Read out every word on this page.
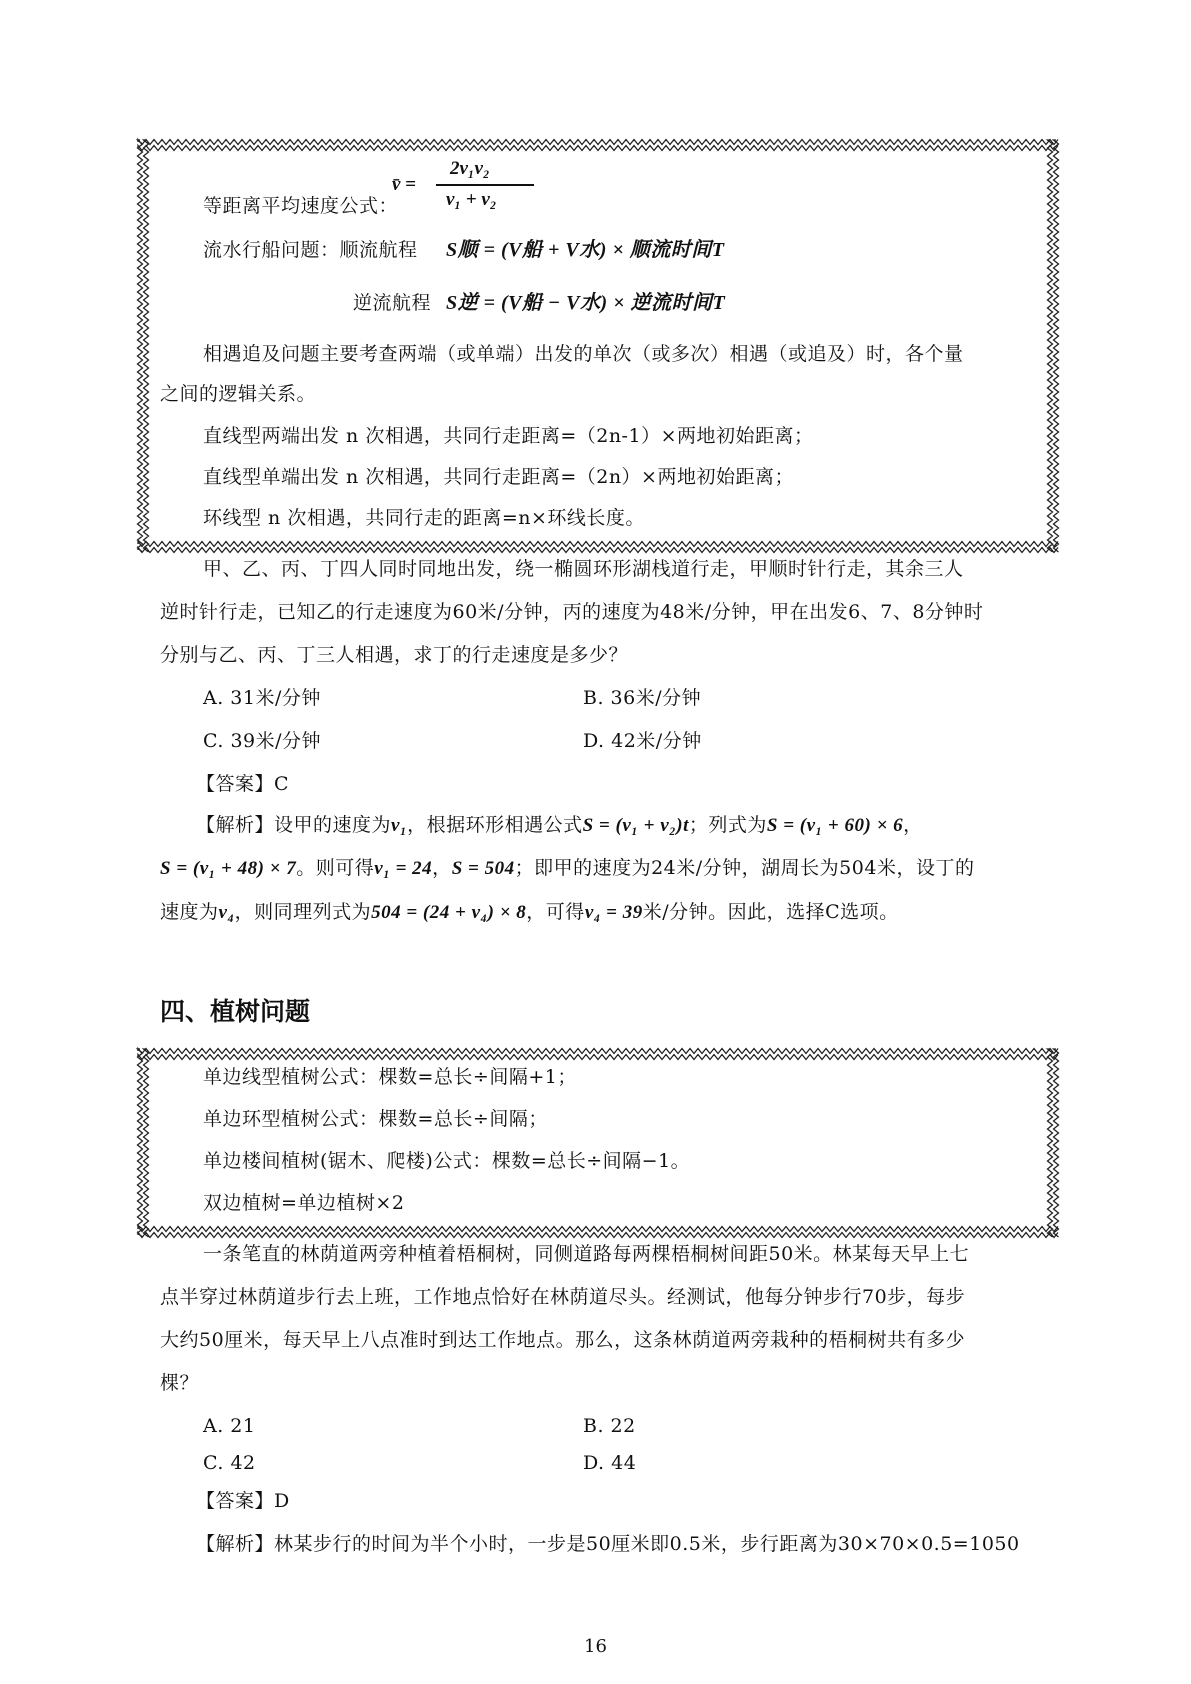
等距离平均速度公式：
v̄ =
2v₁v₂
v₁ + v₂
流水行船问题：顺流航程 S顺 = (V船 + V水) × 顺流时间T
逆流航程 S逆 = (V船 − V水) × 逆流时间T
相遇追及问题主要考查两端（或单端）出发的单次（或多次）相遇（或追及）时，各个量
之间的逻辑关系。
直线型两端出发 n 次相遇，共同行走距离=（2n-1）×两地初始距离；
直线型单端出发 n 次相遇，共同行走距离=（2n）×两地初始距离；
环线型 n 次相遇，共同行走的距离=n×环线长度。
甲、乙、丙、丁四人同时同地出发，绕一椭圆环形湖栈道行走，甲顺时针行走，其余三人
逆时针行走，已知乙的行走速度为60米/分钟，丙的速度为48米/分钟，甲在出发6、7、8分钟时
分别与乙、丙、丁三人相遇，求丁的行走速度是多少？
A. 31米/分钟	B. 36米/分钟
C. 39米/分钟	D. 42米/分钟
【答案】C
【解析】设甲的速度为v₁，根据环形相遇公式S = (v₁ + v₂)t；列式为S = (v₁ + 60) × 6，
S = (v₁ + 48) × 7。则可得v₁ = 24，S = 504；即甲的速度为24米/分钟，湖周长为504米，设丁的
速度为v₄，则同理列式为504 = (24 + v₄) × 8，可得v₄ = 39米/分钟。因此，选择C选项。
四、植树问题
单边线型植树公式：棵数=总长÷间隔+1；
单边环型植树公式：棵数=总长÷间隔；
单边楼间植树(锯木、爬楼)公式：棵数=总长÷间隔−1。
双边植树=单边植树×2
一条笔直的林荫道两旁种植着梧桐树，同侧道路每两棵梧桐树间距50米。林某每天早上七
点半穿过林荫道步行去上班，工作地点恰好在林荫道尽头。经测试，他每分钟步行70步，每步
大约50厘米，每天早上八点准时到达工作地点。那么，这条林荫道两旁栽种的梧桐树共有多少
棵？
A. 21	B. 22
C. 42	D. 44
【答案】D
【解析】林某步行的时间为半个小时，一步是50厘米即0.5米，步行距离为30×70×0.5=1050
16
